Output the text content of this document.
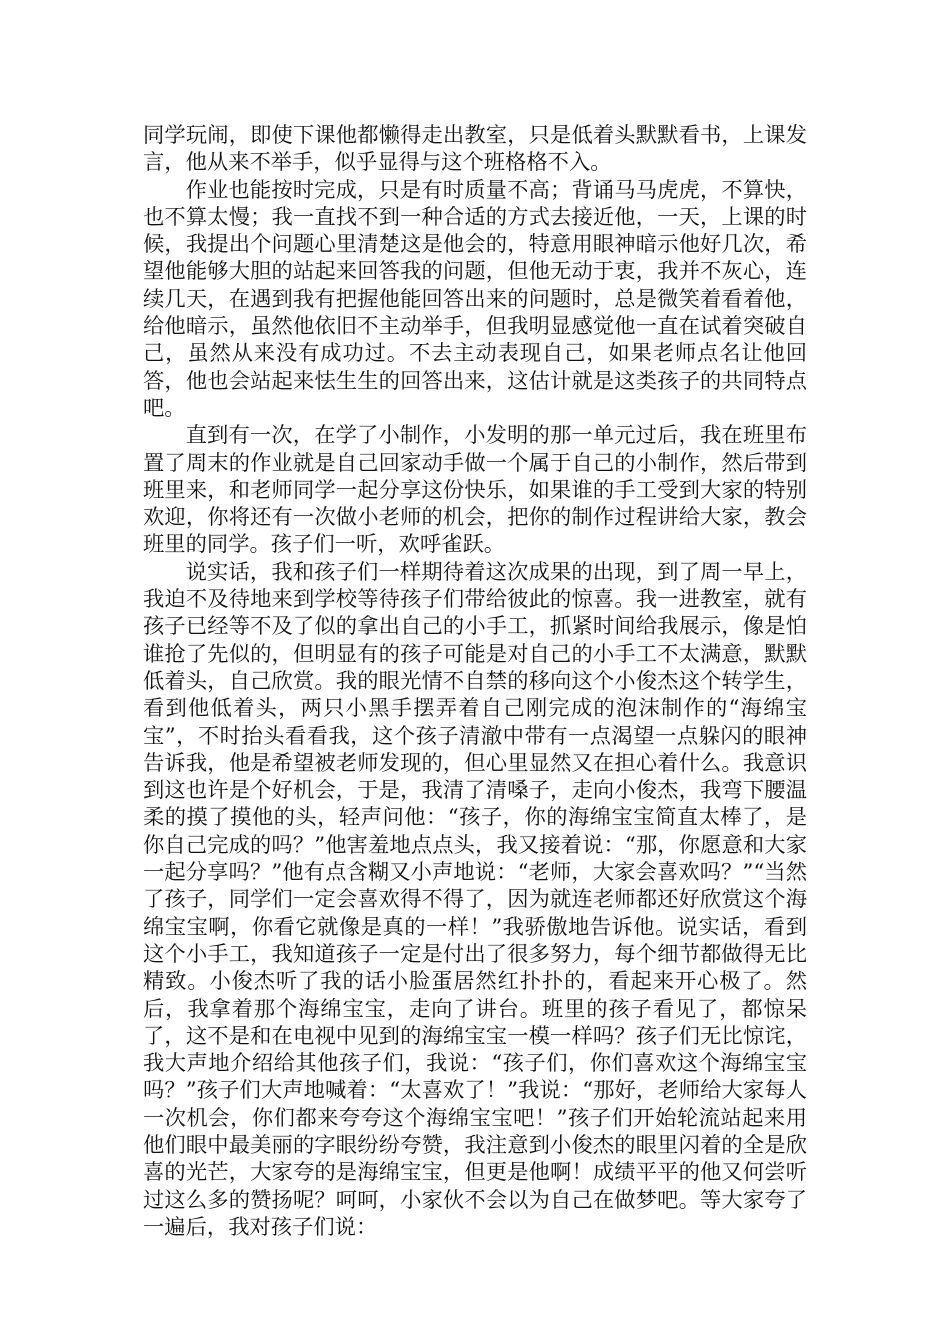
同学玩闹，即使下课他都懒得走出教室，只是低着头默默看书，上课发言，他从来不举手，似乎显得与这个班格格不入。

作业也能按时完成，只是有时质量不高；背诵马马虎虎，不算快，也不算太慢；我一直找不到一种合适的方式去接近他，一天，上课的时候，我提出个问题心里清楚这是他会的，特意用眼神暗示他好几次，希望他能够大胆的站起来回答我的问题，但他无动于衷，我并不灰心，连续几天，在遇到我有把握他能回答出来的问题时，总是微笑着看着他，给他暗示，虽然他依旧不主动举手，但我明显感觉他一直在试着突破自己，虽然从来没有成功过。不去主动表现自己，如果老师点名让他回答，他也会站起来怯生生的回答出来，这估计就是这类孩子的共同特点吧。

直到有一次，在学了小制作，小发明的那一单元过后，我在班里布置了周末的作业就是自己回家动手做一个属于自己的小制作，然后带到班里来，和老师同学一起分享这份快乐，如果谁的手工受到大家的特别欢迎，你将还有一次做小老师的机会，把你的制作过程讲给大家，教会班里的同学。孩子们一听，欢呼雀跃。

说实话，我和孩子们一样期待着这次成果的出现，到了周一早上，我迫不及待地来到学校等待孩子们带给彼此的惊喜。我一进教室，就有孩子已经等不及了似的拿出自己的小手工，抓紧时间给我展示，像是怕谁抢了先似的，但明显有的孩子可能是对自己的小手工不太满意，默默低着头，自己欣赏。我的眼光情不自禁的移向这个小俊杰这个转学生，看到他低着头，两只小黑手摆弄着自己刚完成的泡沫制作的“海绵宝宝”，不时抬头看看我，这个孩子清澈中带有一点渴望一点躲闪的眼神告诉我，他是希望被老师发现的，但心里显然又在担心着什么。我意识到这也许是个好机会，于是，我清了清嗓子，走向小俊杰，我弯下腰温柔的摸了摸他的头，轻声问他：“孩子，你的海绵宝宝简直太棒了，是你自己完成的吗？”他害羞地点点头，我又接着说：“那，你愿意和大家一起分享吗？”他有点含糊又小声地说：“老师，大家会喜欢吗？”“当然了孩子，同学们一定会喜欢得不得了，因为就连老师都还好欣赏这个海绵宝宝啊，你看它就像是真的一样！”我骄傲地告诉他。说实话，看到这个小手工，我知道孩子一定是付出了很多努力，每个细节都做得无比精致。小俊杰听了我的话小脸蛋居然红扑扑的，看起来开心极了。然后，我拿着那个海绵宝宝，走向了讲台。班里的孩子看见了，都惊呆了，这不是和在电视中见到的海绵宝宝一模一样吗？孩子们无比惊诧，我大声地介绍给其他孩子们，我说：“孩子们，你们喜欢这个海绵宝宝吗？”孩子们大声地喊着：“太喜欢了！”我说：“那好，老师给大家每人一次机会，你们都来夸夸这个海绵宝宝吧！”孩子们开始轮流站起来用他们眼中最美丽的字眼纷纷夸赞，我注意到小俊杰的眼里闪着的全是欣喜的光芒，大家夸的是海绵宝宝，但更是他啊！成绩平平的他又何尝听过这么多的赞扬呢？呵呵，小家伙不会以为自己在做梦吧。等大家夸了一遍后，我对孩子们说：
